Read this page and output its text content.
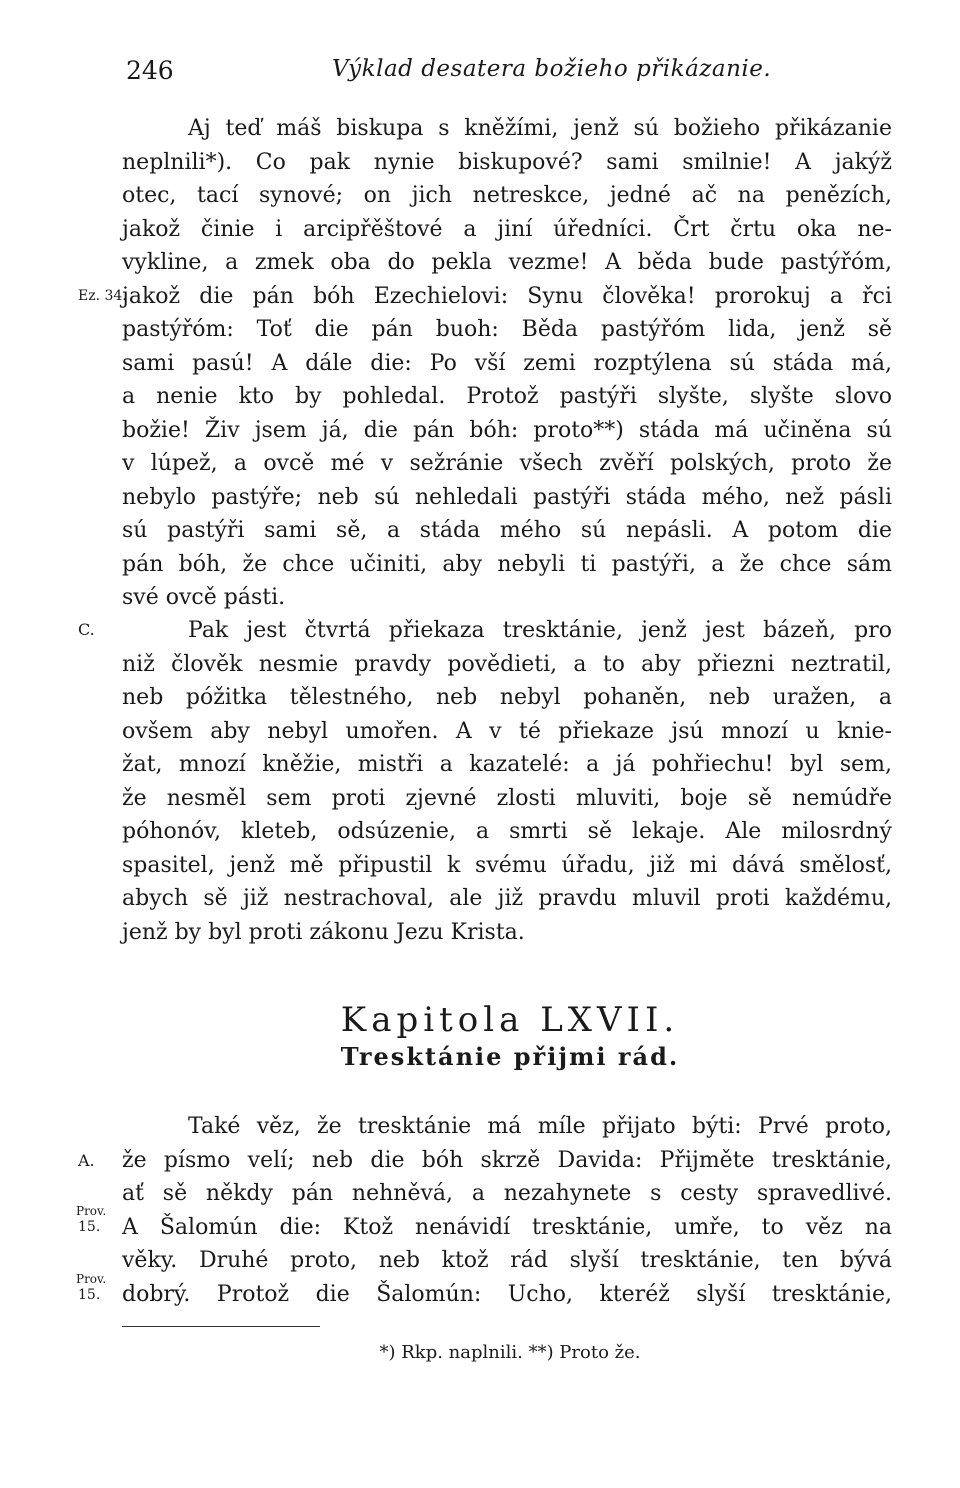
246	Výklad desatera božieho přikázanie.
Aj teď máš biskupa s kněžími, jenž sú božieho přikázanie
neplnili*). Co pak nynie biskupové? sami smilnie! A jakýž
otec, tací synové; on jich netreskce, jedné ač na penězích,
jakož činie i arcipřěštové a jiní úředníci. Črt črtu oka ne-
vykline, a zmek oba do pekla vezme! A běda bude pastýřóm,
jakož die pán bóh Ezechielovi: Synu člověka! prorokuj a řci
pastýřóm: Toť die pán buoh: Běda pastýřóm lida, jenž sě
sami pasú! A dále die: Po vší zemi rozptýlena sú stáda má,
a nenie kto by pohledal. Protož pastýři slyšte, slyšte slovo
božie! Živ jsem já, die pán bóh: proto**) stáda má učiněna sú
v lúpež, a ovcě mé v sežránie všech zvěří polských, proto že
nebylo pastýře; neb sú nehledali pastýři stáda mého, než pásli
sú pastýři sami sě, a stáda mého sú nepásli. A potom die
pán bóh, že chce učiniti, aby nebyli ti pastýři, a že chce sám
své ovcě pásti.
Pak jest čtvrtá přiekaza tresktánie, jenž jest bázeň, pro
niž člověk nesmie pravdy povědieti, a to aby přiezni neztratil,
neb póžitka tělestného, neb nebyl pohaněn, neb uražen, a
ovšem aby nebyl umořen. A v té přiekaze jsú mnozí u knie-
žat, mnozí kněžie, mistři a kazatelé: a já pohřiechu! byl sem,
že nesměl sem proti zjevné zlosti mluviti, boje sě nemúdře
póhonóv, kleteb, odsúzenie, a smrti sě lekaje. Ale milosrdný
spasitel, jenž mě připustil k svému úřadu, již mi dává smělosť,
abych sě již nestrachoval, ale již pravdu mluvil proti každému,
jenž by byl proti zákonu Jezu Krista.
Kapitola LXVII.
Tresktánie přijmi rád.
Také věz, že tresktánie má míle přijato býti: Prvé proto,
že písmo velí; neb die bóh skrzě Davida: Přijměte tresktánie,
ať sě někdy pán nehněvá, a nezahynete s cesty spravedlivé.
A Šalomún die: Ktož nenávidí tresktánie, umře, to věz na
věky. Druhé proto, neb ktož rád slyší tresktánie, ten bývá
dobrý. Protož die Šalomún: Ucho, kteréž slyší tresktánie,
Ez. 34.
C.
A.
Prov.
15.
Prov.
15.
*) Rkp. naplnili. **) Proto že.
